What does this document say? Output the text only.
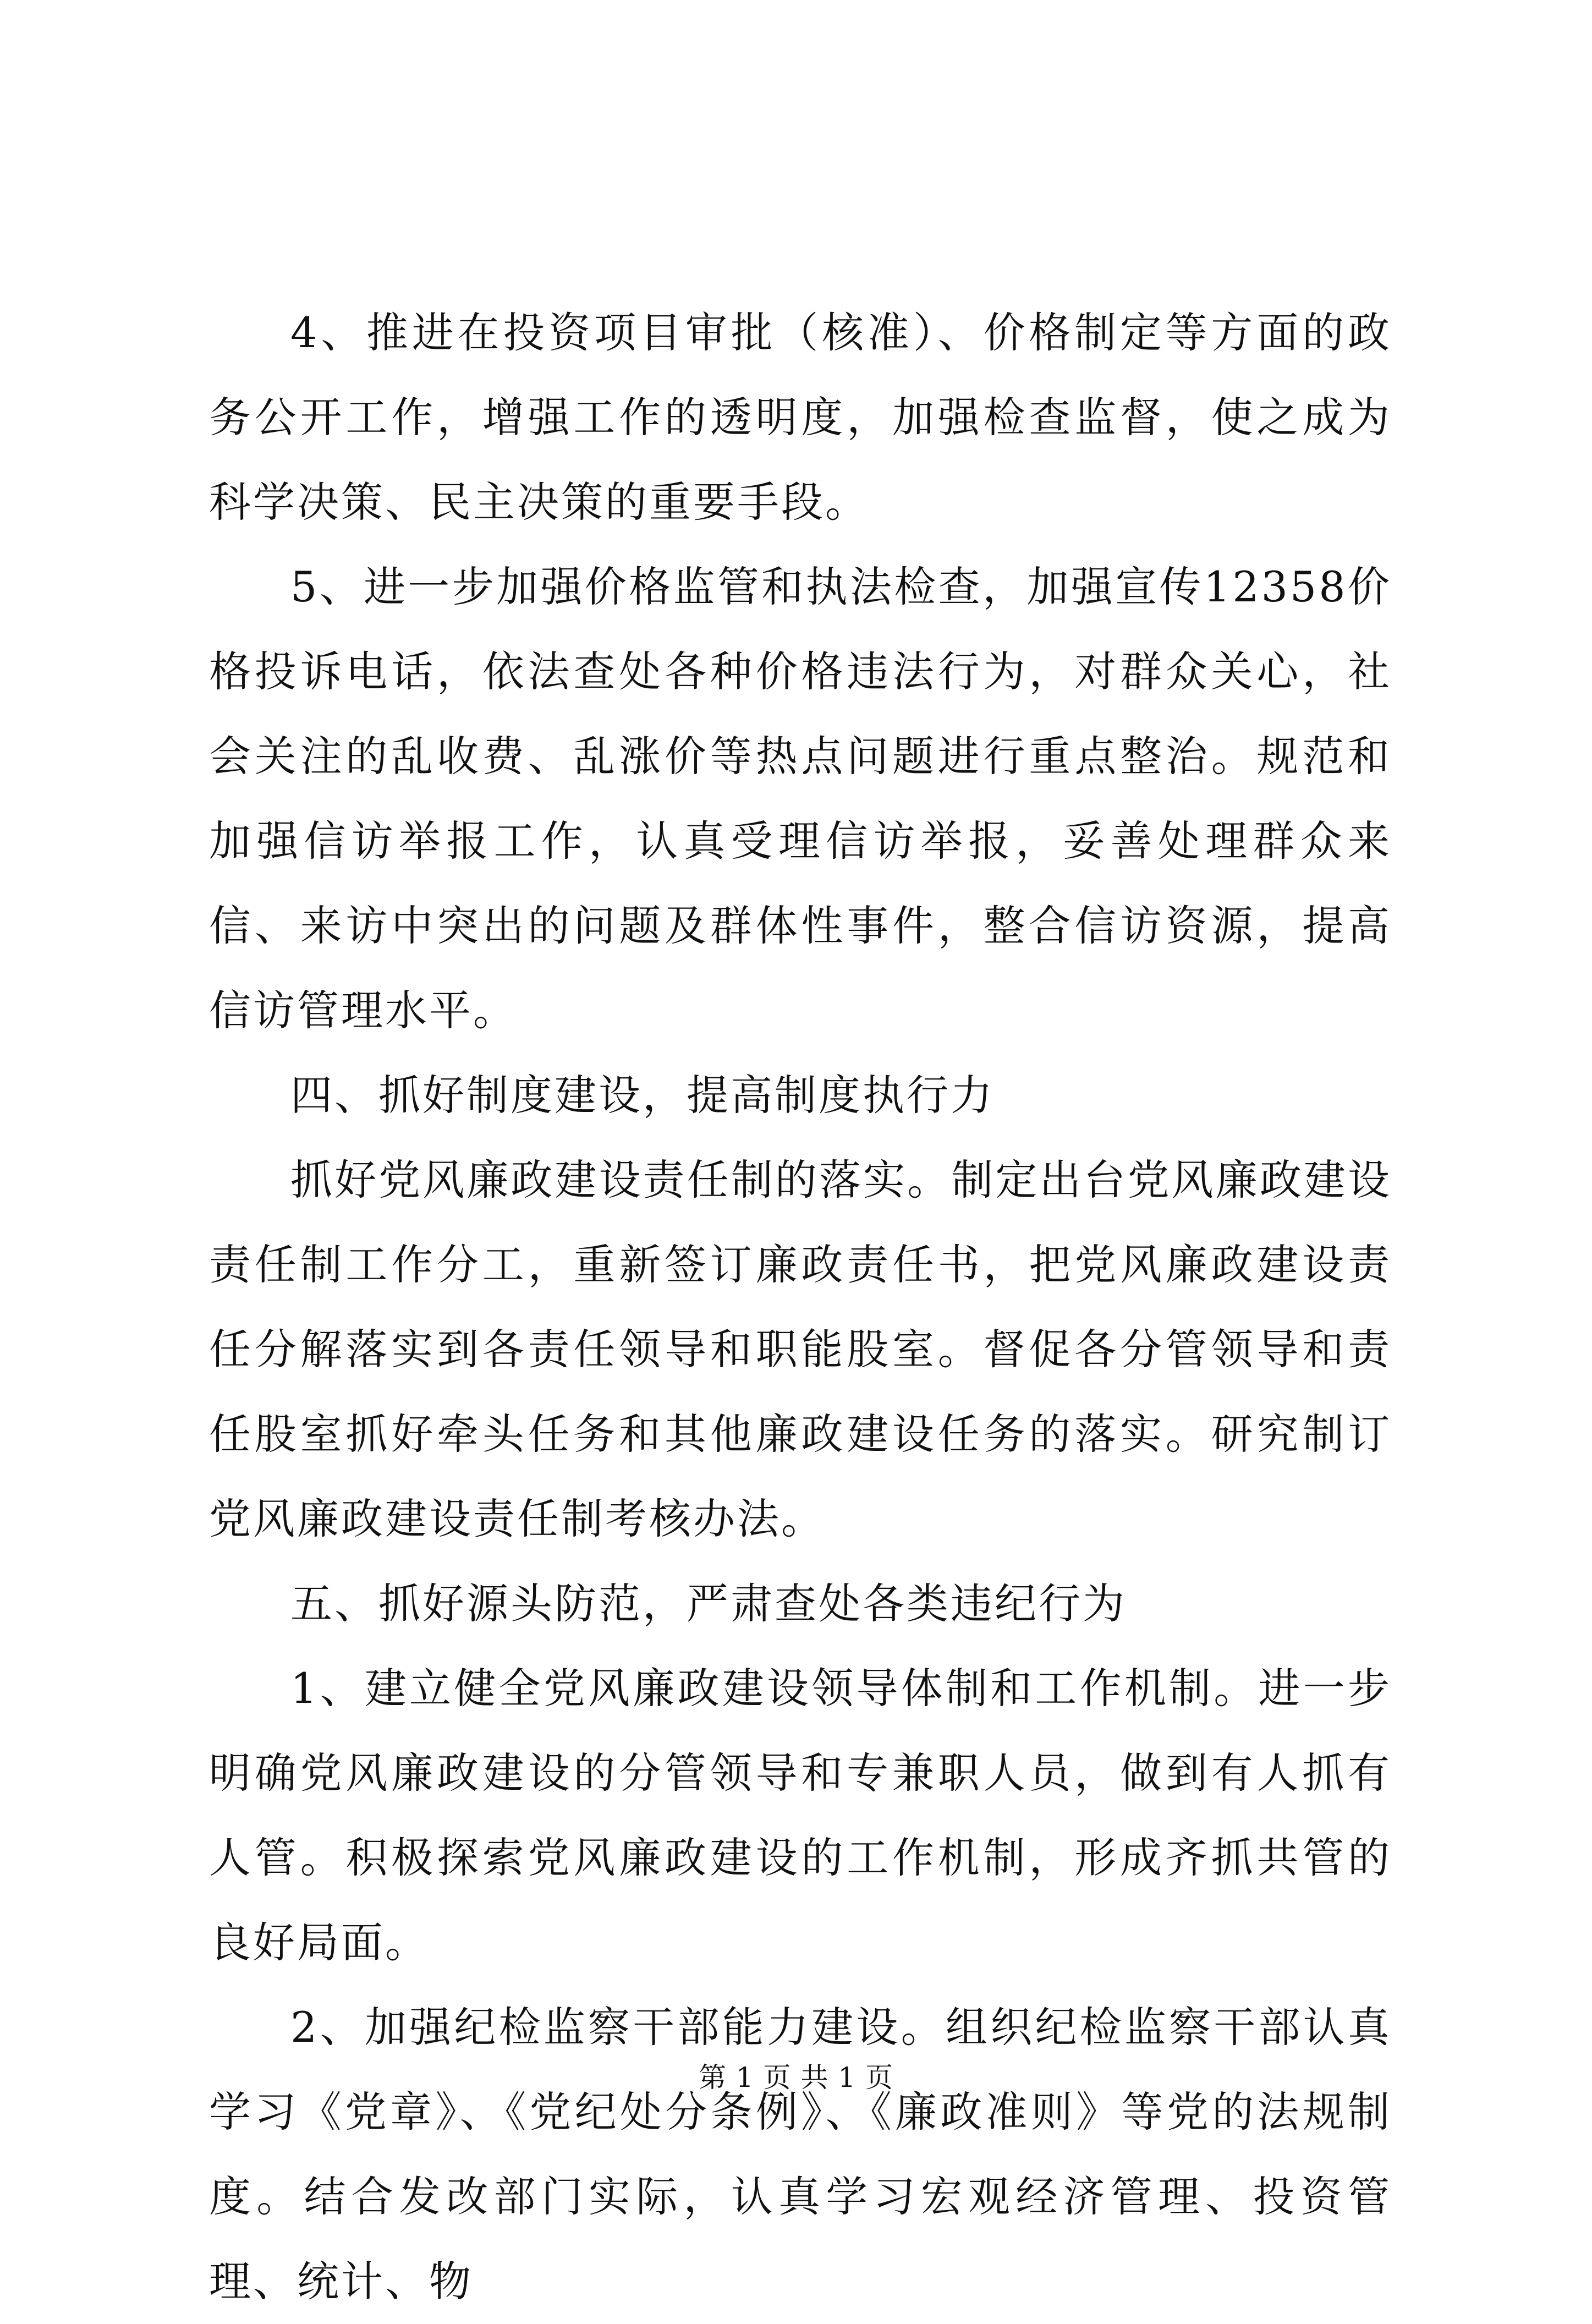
4、推进在投资项目审批（核准）、价格制定等方面的政务公开工作，增强工作的透明度，加强检查监督，使之成为科学决策、民主决策的重要手段。

5、进一步加强价格监管和执法检查，加强宣传12358价格投诉电话，依法查处各种价格违法行为，对群众关心，社会关注的乱收费、乱涨价等热点问题进行重点整治。规范和加强信访举报工作，认真受理信访举报，妥善处理群众来信、来访中突出的问题及群体性事件，整合信访资源，提高信访管理水平。

四、抓好制度建设，提高制度执行力

抓好党风廉政建设责任制的落实。制定出台党风廉政建设责任制工作分工，重新签订廉政责任书，把党风廉政建设责任分解落实到各责任领导和职能股室。督促各分管领导和责任股室抓好牵头任务和其他廉政建设任务的落实。研究制订党风廉政建设责任制考核办法。

五、抓好源头防范，严肃查处各类违纪行为

1、建立健全党风廉政建设领导体制和工作机制。进一步明确党风廉政建设的分管领导和专兼职人员，做到有人抓有人管。积极探索党风廉政建设的工作机制，形成齐抓共管的良好局面。

2、加强纪检监察干部能力建设。组织纪检监察干部认真学习《党章》、《党纪处分条例》、《廉政准则》等党的法规制度。结合发改部门实际，认真学习宏观经济管理、投资管理、统计、物

第 1 页 共 1 页
